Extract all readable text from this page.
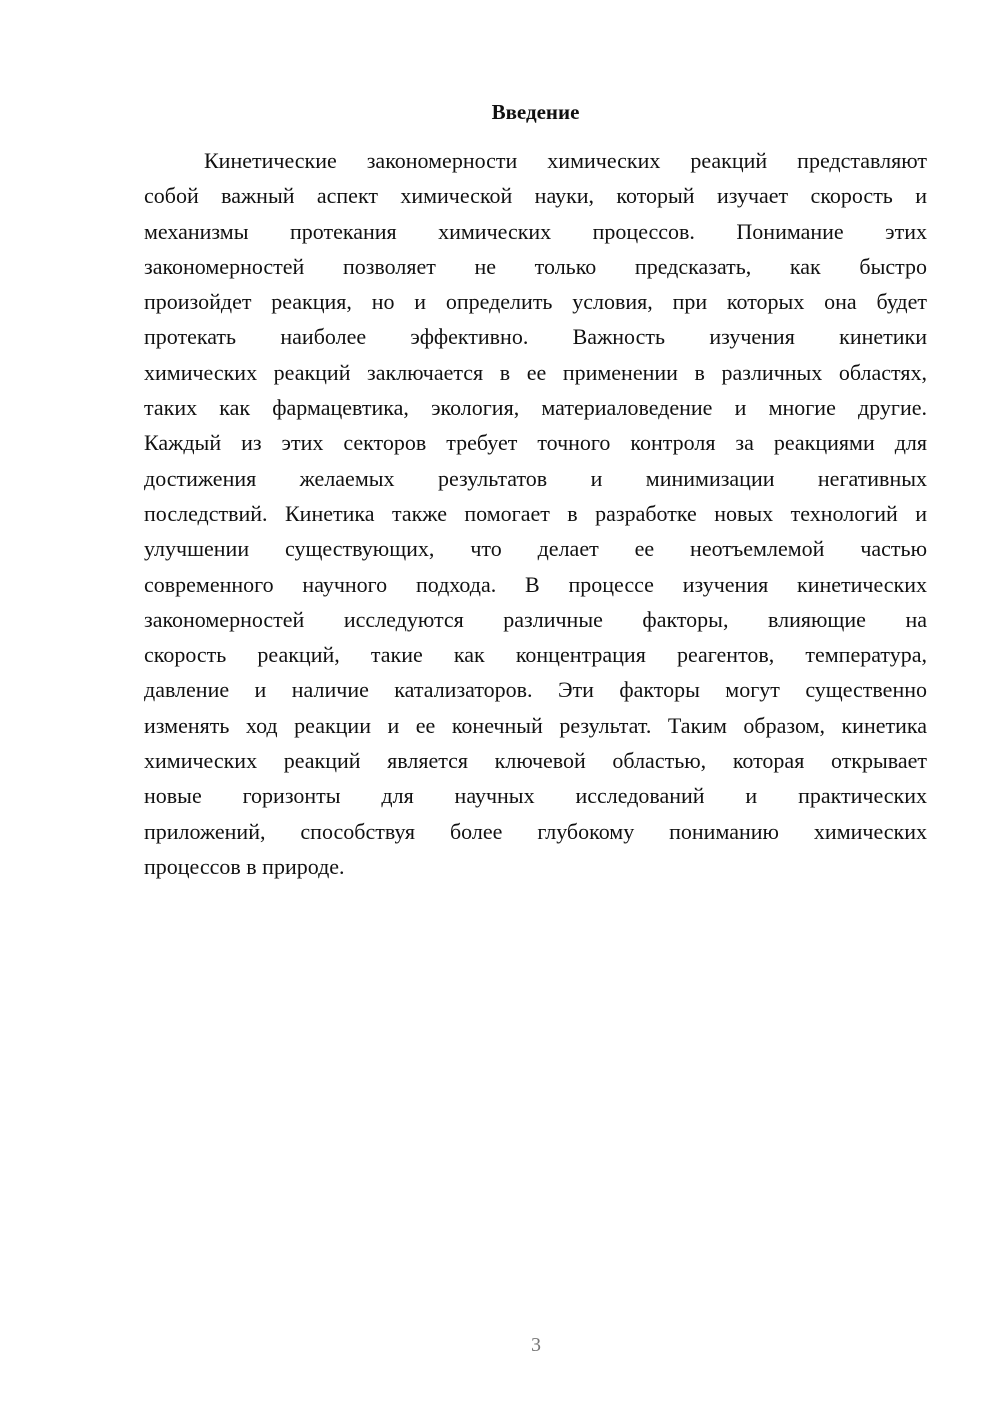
Введение
Кинетические закономерности химических реакций представляют
собой важный аспект химической науки, который изучает скорость и
механизмы протекания химических процессов. Понимание этих
закономерностей позволяет не только предсказать, как быстро
произойдет реакция, но и определить условия, при которых она будет
протекать наиболее эффективно. Важность изучения кинетики
химических реакций заключается в ее применении в различных областях,
таких как фармацевтика, экология, материаловедение и многие другие.
Каждый из этих секторов требует точного контроля за реакциями для
достижения желаемых результатов и минимизации негативных
последствий. Кинетика также помогает в разработке новых технологий и
улучшении существующих, что делает ее неотъемлемой частью
современного научного подхода. В процессе изучения кинетических
закономерностей исследуются различные факторы, влияющие на
скорость реакций, такие как концентрация реагентов, температура,
давление и наличие катализаторов. Эти факторы могут существенно
изменять ход реакции и ее конечный результат. Таким образом, кинетика
химических реакций является ключевой областью, которая открывает
новые горизонты для научных исследований и практических
приложений, способствуя более глубокому пониманию химических
процессов в природе.
3
